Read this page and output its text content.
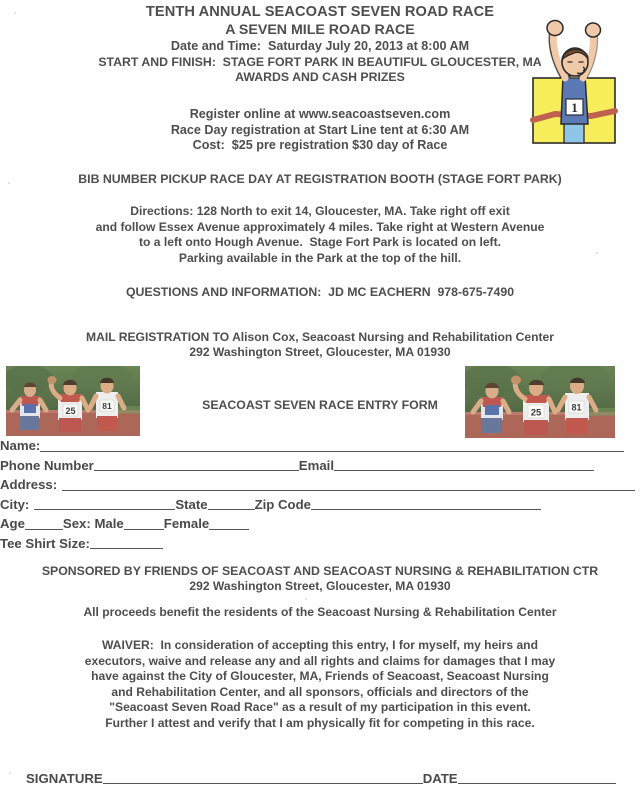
1
TENTH ANNUAL SEACOAST SEVEN ROAD RACE
A SEVEN MILE ROAD RACE
Date and Time:  Saturday July 20, 2013 at 8:00 AM
START AND FINISH:  STAGE FORT PARK IN BEAUTIFUL GLOUCESTER, MA
AWARDS AND CASH PRIZES
Register online at www.seacoastseven.com
Race Day registration at Start Line tent at 6:30 AM
Cost:  $25 pre registration $30 day of Race
BIB NUMBER PICKUP RACE DAY AT REGISTRATION BOOTH (STAGE FORT PARK)
Directions: 128 North to exit 14, Gloucester, MA. Take right off exit
and follow Essex Avenue approximately 4 miles. Take right at Western Avenue
to a left onto Hough Avenue.  Stage Fort Park is located on left.
Parking available in the Park at the top of the hill.
QUESTIONS AND INFORMATION:  JD MC EACHERN  978-675-7490
MAIL REGISTRATION TO Alison Cox, Seacoast Nursing and Rehabilitation Center
292 Washington Street, Gloucester, MA 01930
25	81
25	81
SEACOAST SEVEN RACE ENTRY FORM
Name:
Phone Number	Email
Address:
City:	State	Zip Code
Age	Sex: Male	Female
Tee Shirt Size:
SPONSORED BY FRIENDS OF SEACOAST AND SEACOAST NURSING & REHABILITATION CTR
292 Washington Street, Gloucester, MA 01930
All proceeds benefit the residents of the Seacoast Nursing & Rehabilitation Center
WAIVER:  In consideration of accepting this entry, I for myself, my heirs and
executors, waive and release any and all rights and claims for damages that I may
have against the City of Gloucester, MA, Friends of Seacoast, Seacoast Nursing
and Rehabilitation Center, and all sponsors, officials and directors of the
"Seacoast Seven Road Race" as a result of my participation in this event.
Further I attest and verify that I am physically fit for competing in this race.
SIGNATURE	DATE
